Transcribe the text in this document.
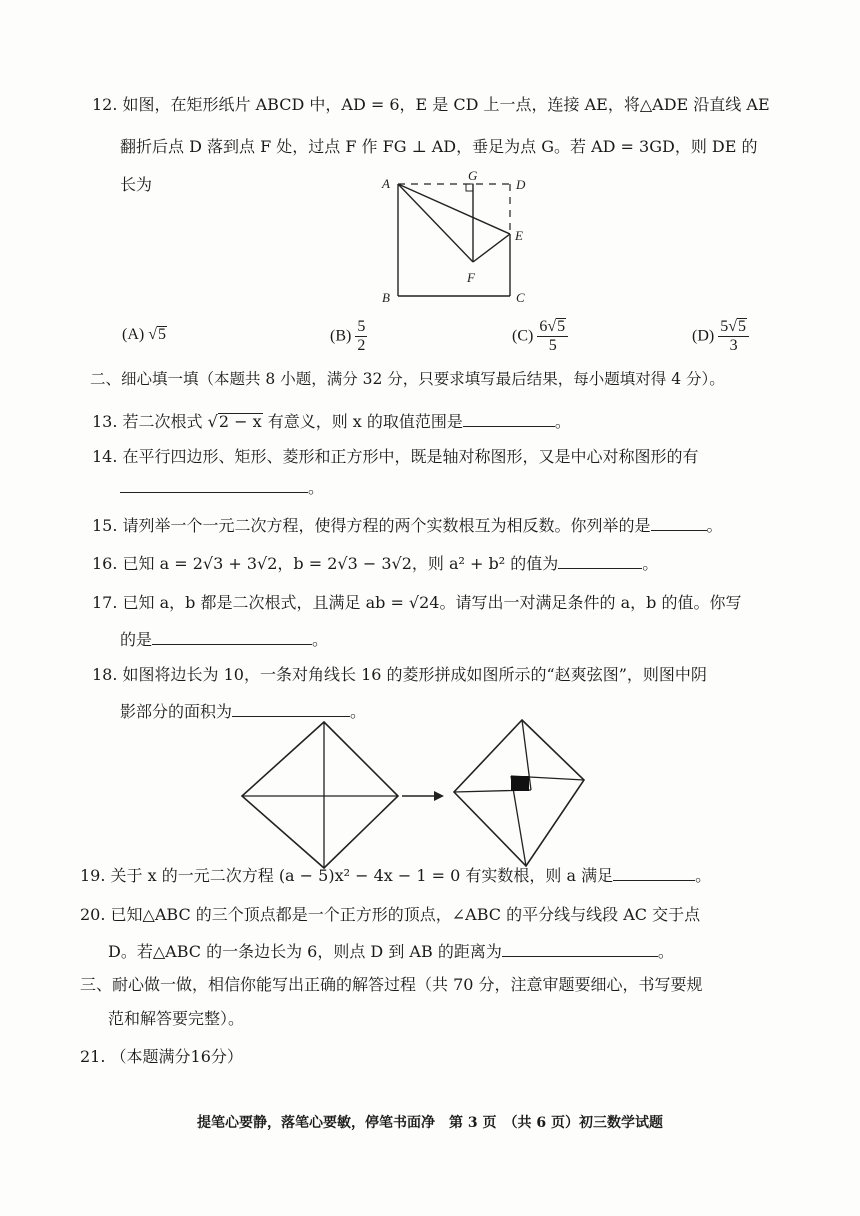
12. 如图，在矩形纸片 ABCD 中，AD = 6，E 是 CD 上一点，连接 AE，将△ADE 沿直线 AE
翻折后点 D 落到点 F 处，过点 F 作 FG ⊥ AD，垂足为点 G。若 AD = 3GD，则 DE 的
长为	A
G
D
E
F
B	C
(A) √5	$(B) \frac{5}{2}$	$(C) \frac{6√5}{5}$	$(D) \frac{5√5}{3}$
二、细心填一填（本题共 8 小题，满分 32 分，只要求填写最后结果，每小题填对得 4 分）。
13. 若二次根式 √2 − x 有意义，则 x 的取值范围是	。
14. 在平行四边形、矩形、菱形和正方形中，既是轴对称图形，又是中心对称图形的有
。
15. 请列举一个一元二次方程，使得方程的两个实数根互为相反数。你列举的是	。
16. 已知 a = 2√3 + 3√2，b = 2√3 − 3√2，则 a² + b² 的值为	。
17. 已知 a，b 都是二次根式，且满足 ab = √24。请写出一对满足条件的 a，b 的值。你写
的是	。
18. 如图将边长为 10，一条对角线长 16 的菱形拼成如图所示的“赵爽弦图”，则图中阴
影部分的面积为	。
19. 关于 x 的一元二次方程 (a − 5)x² − 4x − 1 = 0 有实数根，则 a 满足	。
20. 已知△ABC 的三个顶点都是一个正方形的顶点，∠ABC 的平分线与线段 AC 交于点
D。若△ABC 的一条边长为 6，则点 D 到 AB 的距离为	。
三、耐心做一做，相信你能写出正确的解答过程（共 70 分，注意审题要细心，书写要规
范和解答要完整）。
21. （本题满分16分）
提笔心要静，落笔心要敏，停笔书面净　第 3 页　（共 6 页）初三数学试题
